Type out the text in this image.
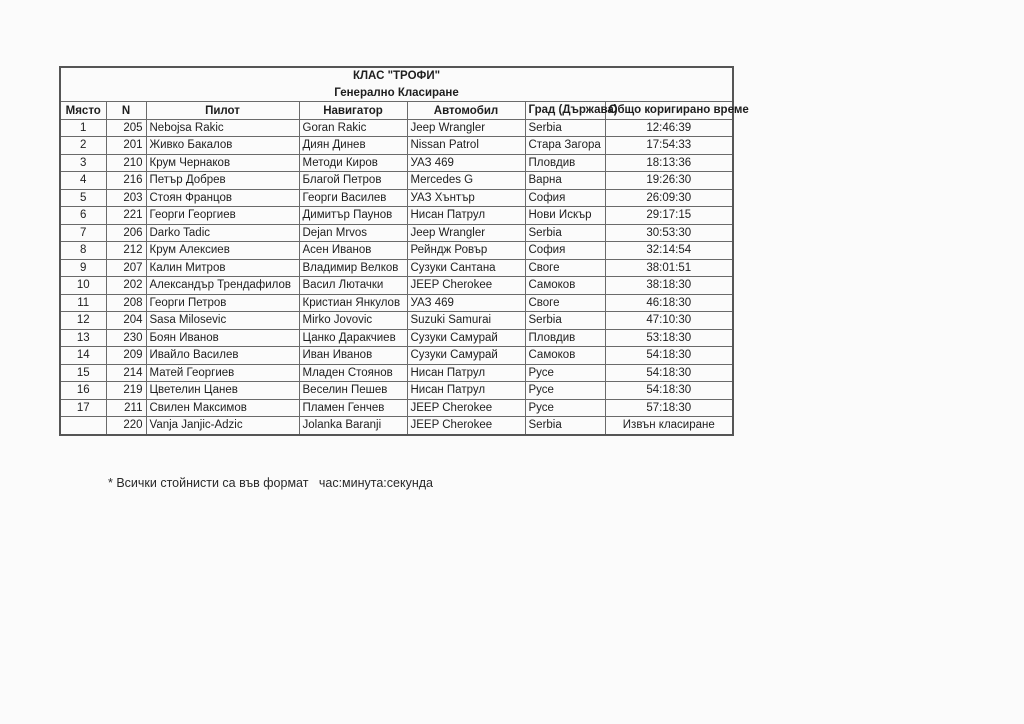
КЛАС "ТРОФИ"						
Генерално Класиране						
Място	N	Пилот	Навигатор	Автомобил	Град (Държава)	Общо коригирано време
1	205	Nebojsa Rakic	Goran Rakic	Jeep Wrangler	Serbia	12:46:39
2	201	Живко Бакалов	Диян Динев	Nissan Patrol	Стара Загора	17:54:33
3	210	Крум Чернаков	Методи Киров	УАЗ 469	Пловдив	18:13:36
4	216	Петър Добрев	Благой Петров	Mercedes G	Варна	19:26:30
5	203	Стоян Францов	Георги Василев	УАЗ Хънтър	София	26:09:30
6	221	Георги Георгиев	Димитър Паунов	Нисан Патрул	Нови Искър	29:17:15
7	206	Darko Tadic	Dejan Mrvos	Jeep Wrangler	Serbia	30:53:30
8	212	Крум Алексиев	Асен Иванов	Рейндж Ровър	София	32:14:54
9	207	Калин Митров	Владимир Велков	Сузуки Сантана	Своге	38:01:51
10	202	Александър Трендафилов	Васил Лютачки	JEEP Cherokee	Самоков	38:18:30
11	208	Георги Петров	Кристиан Янкулов	УАЗ 469	Своге	46:18:30
12	204	Sasa Milosevic	Mirko Jovovic	Suzuki Samurai	Serbia	47:10:30
13	230	Боян Иванов	Цанко Даракчиев	Сузуки Самурай	Пловдив	53:18:30
14	209	Ивайло Василев	Иван Иванов	Сузуки Самурай	Самоков	54:18:30
15	214	Матей Георгиев	Младен Стоянов	Нисан Патрул	Русе	54:18:30
16	219	Цветелин Цанев	Веселин Пешев	Нисан Патрул	Русе	54:18:30
17	211	Свилен Максимов	Пламен Генчев	JEEP Cherokee	Русе	57:18:30
	220	Vanja Janjic-Adzic	Jolanka Baranji	JEEP Cherokee	Serbia	Извън класиране
* Всички стойнисти са във формат   час:минута:секунда
